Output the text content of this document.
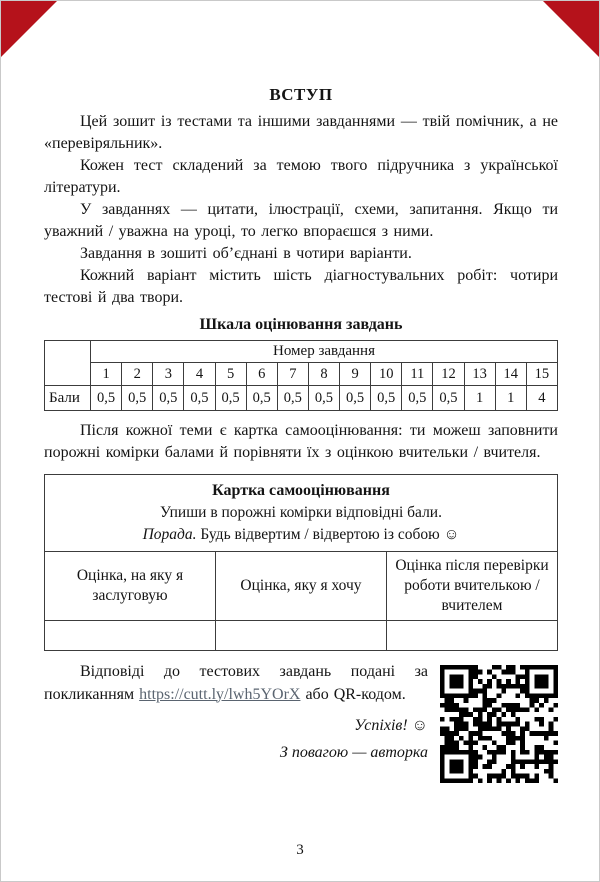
ВСТУП

Цей зошит із тестами та іншими завданнями — твій помічник, а не «перевіряльник».

Кожен тест складений за темою твого підручника з української літератури.

У завданнях — цитати, ілюстрації, схеми, запитання. Якщо ти уважний / уважна на уроці, то легко впораєшся з ними.

Завдання в зошиті об’єднані в чотири варіанти.

Кожний варіант містить шість діагностувальних робіт: чотири тестові й два твори.

Шкала оцінювання завдань
	Номер завдання														
	1	2	3	4	5	6	7	8	9	10	11	12	13	14	15
Бали	0,5	0,5	0,5	0,5	0,5	0,5	0,5	0,5	0,5	0,5	0,5	0,5	1	1	4

Після кожної теми є картка самооцінювання: ти можеш заповнити порожні комірки балами й порівняти їх з оцінкою вчительки / вчителя.

Картка самооцінювання
Упиши в порожні комірки відповідні бали.
Порада. Будь відвертим / відвертою із собою ☺		

Оцінка, на яку я заслуговую	Оцінка, яку я хочу	Оцінка після перевірки роботи вчителькою / вчителем

Відповіді до тестових завдань подані за покликанням https://cutt.ly/lwh5YOrX або QR-кодом.

Успіхів! ☺

З повагою — авторка

3
